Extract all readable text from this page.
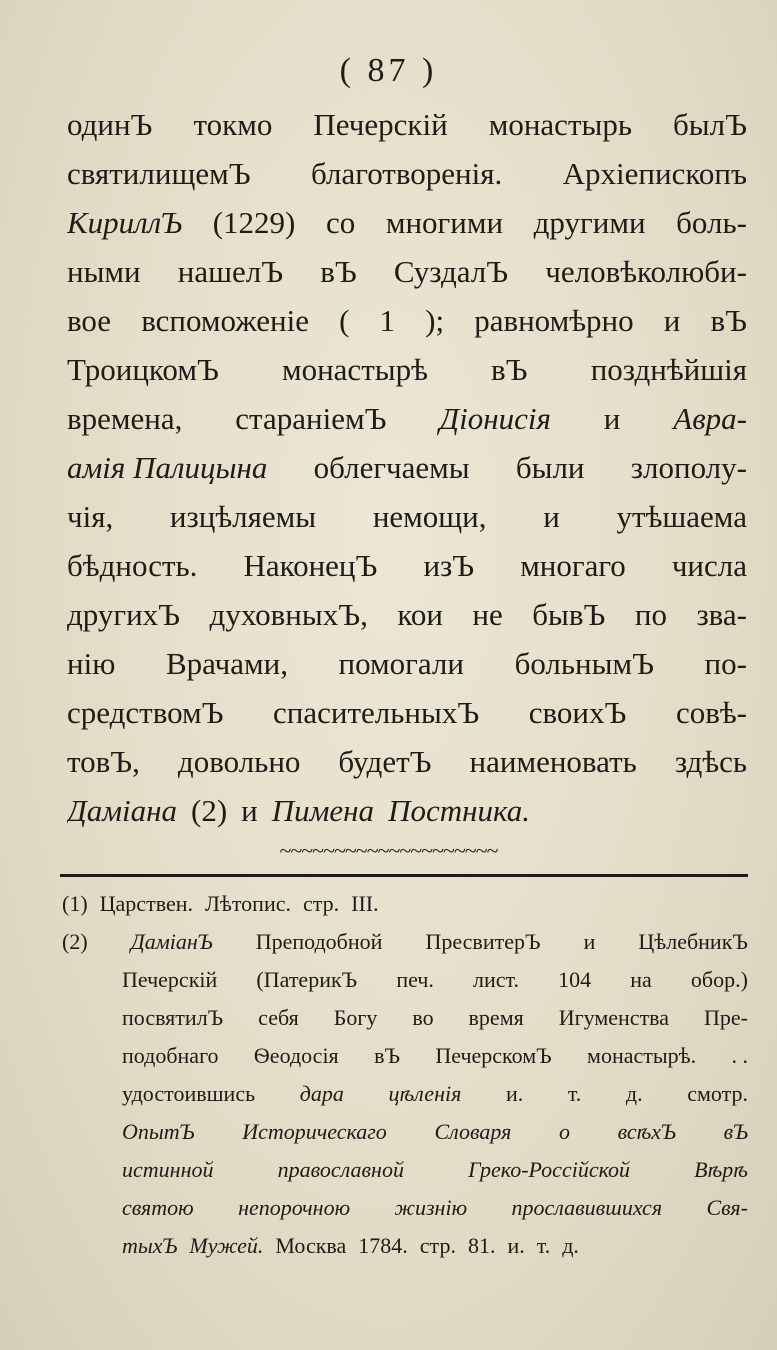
( 87 )
одинЪ токмо Печерскій монастырь былЪ
святилищемЪ благотворенія. Архіепископъ
КириллЪ (1229) со многими другими боль-
ными нашелЪ вЪ СуздалЪ человѣколюби-
вое вспоможеніе ( 1 ); равномѣрно и вЪ
ТроицкомЪ монастырѣ вЪ позднѣйшія
времена, стараніемЪ Діонисія и Авра-
амія Палицына облегчаемы были злополу-
чія, изцѣляемы немощи, и утѣшаема
бѣдность. НаконецЪ изЪ многаго числа
другихЪ духовныхЪ, кои не бывЪ по зва-
нію Врачами, помогали больнымЪ по-
средствомЪ спасительныхЪ своихЪ совѣ-
товЪ, довольно будетЪ наименовать здѣсь
Даміана (2) и Пимена Постника.
~~~~~~~~~~~~~~~~~~~~
(1) Царствен. Лѣтопис. стр. III.
(2) ДаміанЪ Преподобной ПресвитерЪ и ЦѣлебникЪ
Печерскій (ПатерикЪ печ. лист. 104 на обор.)
посвятилЪ себя Богу во время Игуменства Пре-
подобнаго Ѳеодосія вЪ ПечерскомЪ монастырѣ. . .
удостоившись дара цѣленія и. т. д. смотр.
ОпытЪ Историческаго Словаря о всѣхЪ вЪ
истинной	православной	Греко-Россійской	Вѣрѣ
святою непорочною жизнію прославившихся Свя-
тыхЪ Мужей. Москва 1784. стр. 81. и. т. д.
